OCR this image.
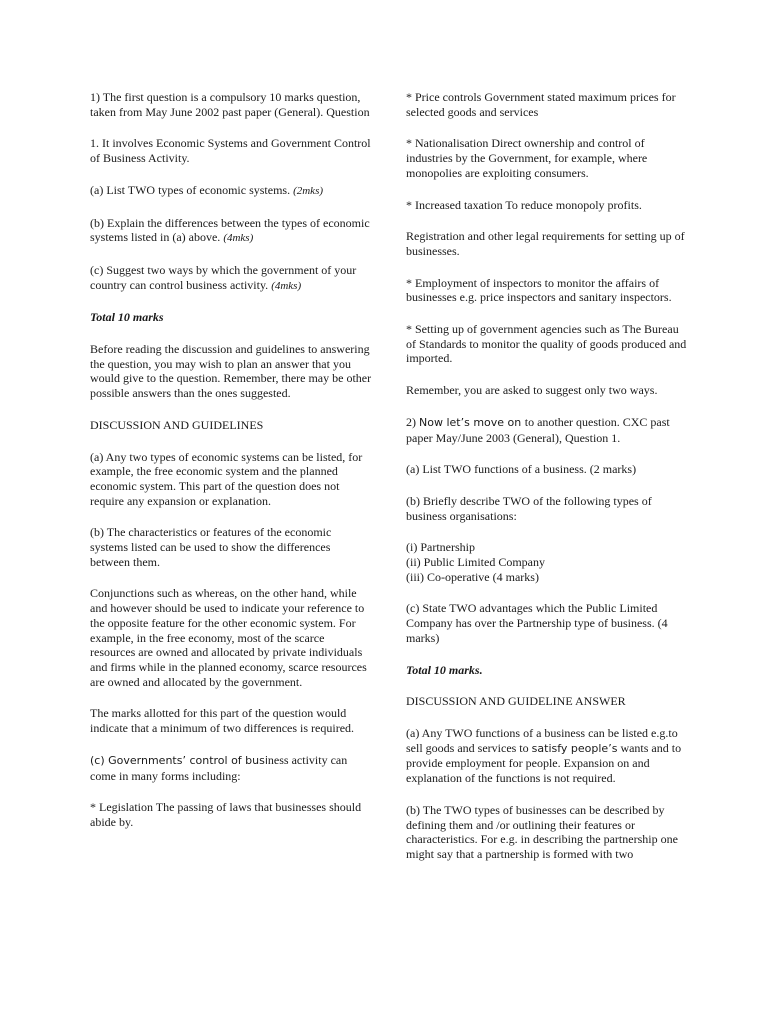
1) The first question is a compulsory 10 marks question, taken from May June 2002 past paper (General). Question

1. It involves Economic Systems and Government Control of Business Activity.

(a) List TWO types of economic systems. (2mks)

(b) Explain the differences between the types of economic systems listed in (a) above. (4mks)

(c) Suggest two ways by which the government of your country can control business activity. (4mks)

Total 10 marks

Before reading the discussion and guidelines to answering the question, you may wish to plan an answer that you would give to the question. Remember, there may be other possible answers than the ones suggested.

DISCUSSION AND GUIDELINES

(a) Any two types of economic systems can be listed, for example, the free economic system and the planned economic system. This part of the question does not require any expansion or explanation.

(b) The characteristics or features of the economic systems listed can be used to show the differences between them.

Conjunctions such as whereas, on the other hand, while and however should be used to indicate your reference to the opposite feature for the other economic system. For example, in the free economy, most of the scarce resources are owned and allocated by private individuals and firms while in the planned economy, scarce resources are owned and allocated by the government.

The marks allotted for this part of the question would indicate that a minimum of two differences is required.

(c) Governments’ control of business activity can come in many forms including:

* Legislation The passing of laws that businesses should abide by.

* Price controls Government stated maximum prices for selected goods and services

* Nationalisation Direct ownership and control of industries by the Government, for example, where monopolies are exploiting consumers.

* Increased taxation To reduce monopoly profits.

Registration and other legal requirements for setting up of businesses.

* Employment of inspectors to monitor the affairs of businesses e.g. price inspectors and sanitary inspectors.

* Setting up of government agencies such as The Bureau of Standards to monitor the quality of goods produced and imported.

Remember, you are asked to suggest only two ways.

2) Now let’s move on to another question. CXC past paper May/June 2003 (General), Question 1.

(a) List TWO functions of a business. (2 marks)

(b) Briefly describe TWO of the following types of business organisations:

(i) Partnership
(ii) Public Limited Company
(iii) Co-operative (4 marks)

(c) State TWO advantages which the Public Limited Company has over the Partnership type of business. (4 marks)

Total 10 marks.

DISCUSSION AND GUIDELINE ANSWER

(a) Any TWO functions of a business can be listed e.g.to sell goods and services to satisfy people’s wants and to provide employment for people. Expansion on and explanation of the functions is not required.

(b) The TWO types of businesses can be described by defining them and /or outlining their features or characteristics. For e.g. in describing the partnership one might say that a partnership is formed with two
